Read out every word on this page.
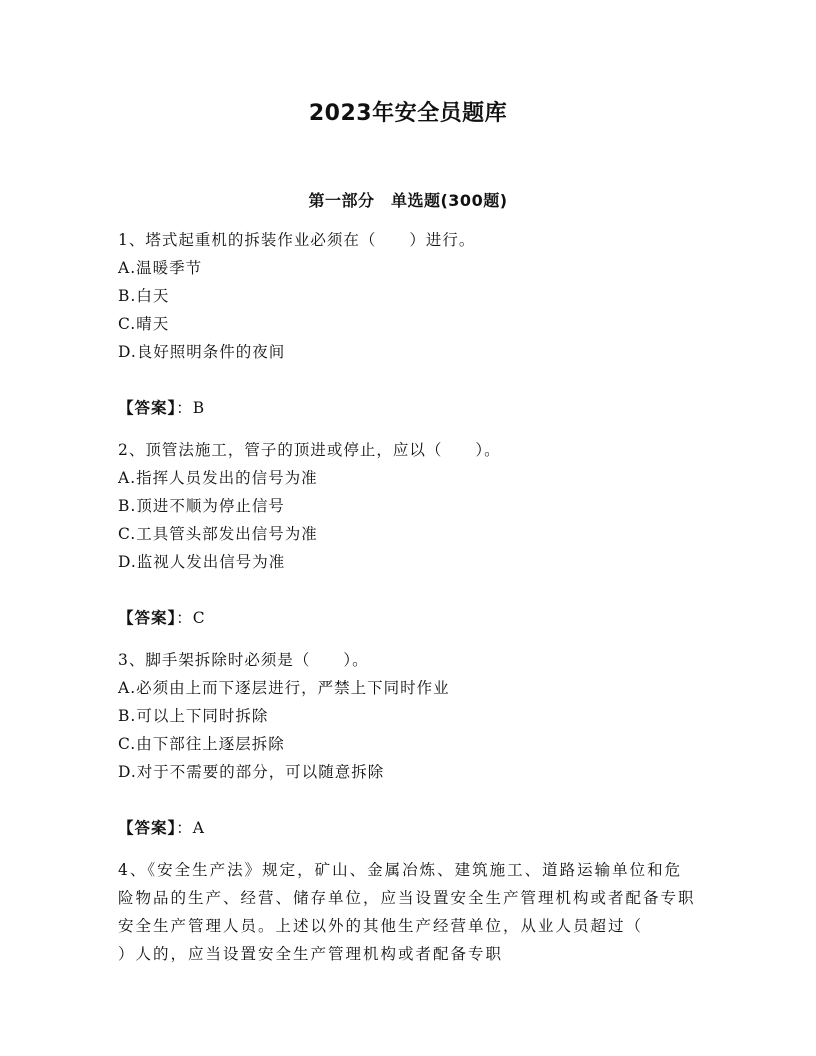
2023年安全员题库
第一部分　单选题(300题)
1、塔式起重机的拆装作业必须在（　　）进行。
A.温暖季节
B.白天
C.晴天
D.良好照明条件的夜间
【答案】：B
2、顶管法施工，管子的顶进或停止，应以（　　）。
A.指挥人员发出的信号为准
B.顶进不顺为停止信号
C.工具管头部发出信号为准
D.监视人发出信号为准
【答案】：C
3、脚手架拆除时必须是（　　）。
A.必须由上而下逐层进行，严禁上下同时作业
B.可以上下同时拆除
C.由下部往上逐层拆除
D.对于不需要的部分，可以随意拆除
【答案】：A
4、《安全生产法》规定，矿山、金属冶炼、建筑施工、道路运输单位和危险物品的生产、经营、储存单位，应当设置安全生产管理机构或者配备专职安全生产管理人员。上述以外的其他生产经营单位，从业人员超过（　　　）人的，应当设置安全生产管理机构或者配备专职
